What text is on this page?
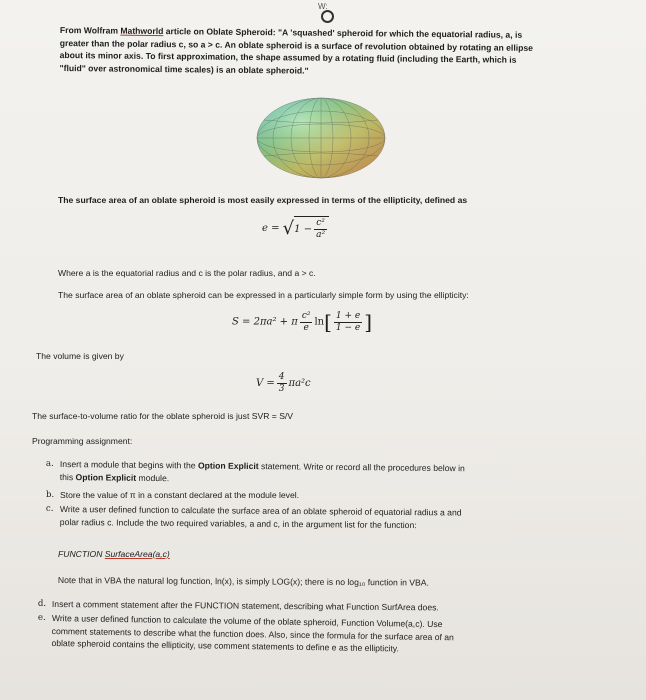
W:
From Wolfram Mathworld article on Oblate Spheroid: "A 'squashed' spheroid for which the equatorial radius, a, is
greater than the polar radius c, so a > c. An oblate spheroid is a surface of revolution obtained by rotating an ellipse
about its minor axis. To first approximation, the shape assumed by a rotating fluid (including the Earth, which is
"fluid" over astronomical time scales) is an oblate spheroid."
The surface area of an oblate spheroid is most easily expressed in terms of the ellipticity, defined as
$e = √1 - \frac{\text{c²}}{\text{a²}}$
Where a is the equatorial radius and c is the polar radius, and a > c.
The surface area of an oblate spheroid can be expressed in a particularly simple form by using the ellipticity:
S = 2πa² + π $\frac{\text{c²}}{e} \ln[ \frac{1 + e}{1 - e}$ ]
The volume is given by
$V = \frac{4}{3} \pi a^2c$
The surface-to-volume ratio for the oblate spheroid is just SVR = S/V
Programming assignment:
a. Insert a module that begins with the Option Explicit statement. Write or record all the procedures below in
this Option Explicit module.
b. Store the value of π in a constant declared at the module level.
c. Write a user defined function to calculate the surface area of an oblate spheroid of equatorial radius a and
polar radius c. Include the two required variables, a and c, in the argument list for the function:
FUNCTION SurfaceArea(a,c)
Note that in VBA the natural log function, ln(x), is simply LOG(x); there is no log₁₀ function in VBA.
d. Insert a comment statement after the FUNCTION statement, describing what Function SurfArea does.
e. Write a user defined function to calculate the volume of the oblate spheroid, Function Volume(a,c). Use
comment statements to describe what the function does. Also, since the formula for the surface area of an
oblate spheroid contains the ellipticity, use comment statements to define e as the ellipticity.
